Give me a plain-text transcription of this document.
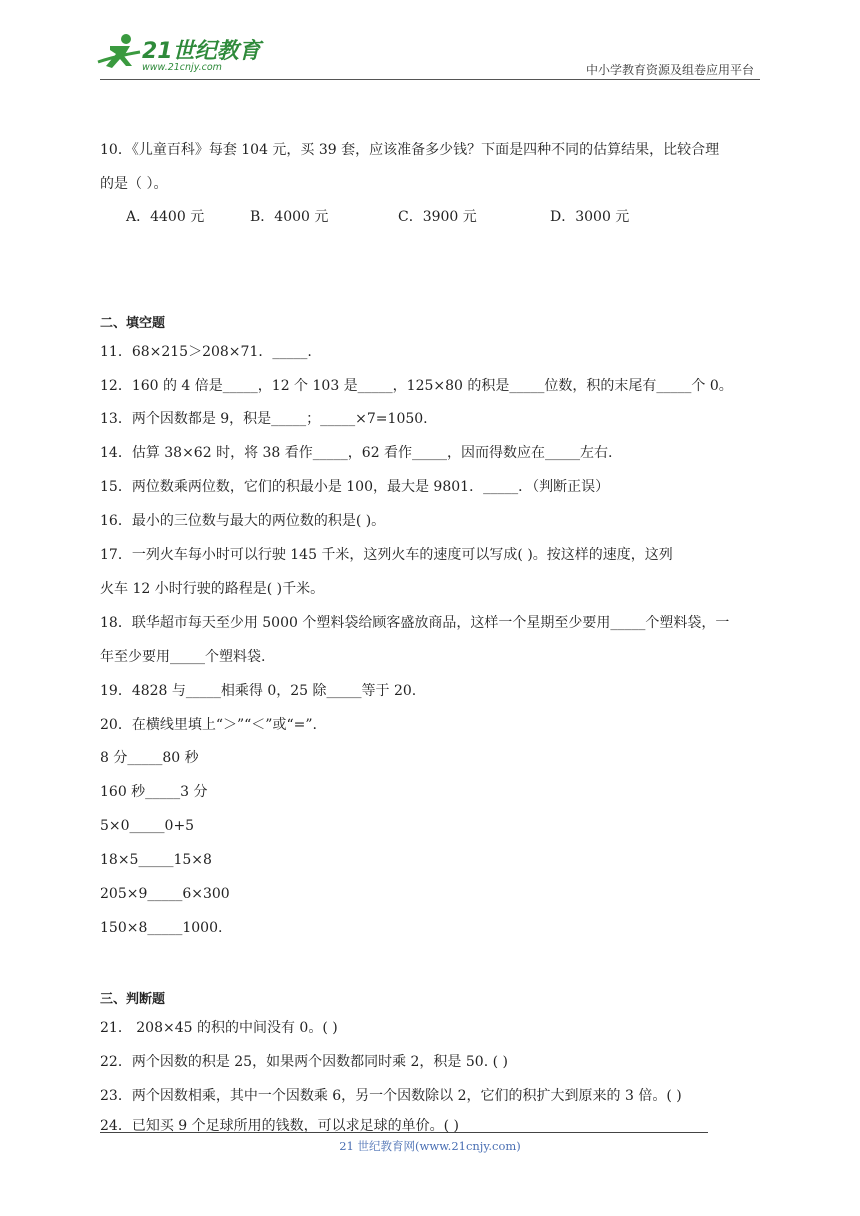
21世纪教育
www.21cnjy.com	中小学教育资源及组卷应用平台
10．《儿童百科》每套 104 元，买 39 套，应该准备多少钱？下面是四种不同的估算结果，比较合理
的是（ ）。
A．4400 元	B．4000 元	C．3900 元	D．3000 元
二、填空题
11．68×215＞208×71．_____.
12．160 的 4 倍是_____，12 个 103 是_____，125×80 的积是_____位数，积的末尾有_____个 0。
13．两个因数都是 9，积是_____；_____×7=1050.
14．估算 38×62 时，将 38 看作_____，62 看作_____，因而得数应在_____左右.
15．两位数乘两位数，它们的积最小是 100，最大是 9801．_____．（判断正误）
16．最小的三位数与最大的两位数的积是( )。
17．一列火车每小时可以行驶 145 千米，这列火车的速度可以写成( )。按这样的速度，这列
火车 12 小时行驶的路程是( )千米。
18．联华超市每天至少用 5000 个塑料袋给顾客盛放商品，这样一个星期至少要用_____个塑料袋，一
年至少要用_____个塑料袋.
19．4828 与_____相乘得 0，25 除_____等于 20.
20．在横线里填上“＞”“＜”或“=”.
8 分_____80 秒
160 秒_____3 分
5×0_____0+5
18×5_____15×8
205×9_____6×300
150×8_____1000.
三、判断题
21． 208×45 的积的中间没有 0。( )
22．两个因数的积是 25，如果两个因数都同时乘 2，积是 50. ( )
23．两个因数相乘，其中一个因数乘 6，另一个因数除以 2，它们的积扩大到原来的 3 倍。( )
24．已知买 9 个足球所用的钱数，可以求足球的单价。( )
21 世纪教育网(www.21cnjy.com)
